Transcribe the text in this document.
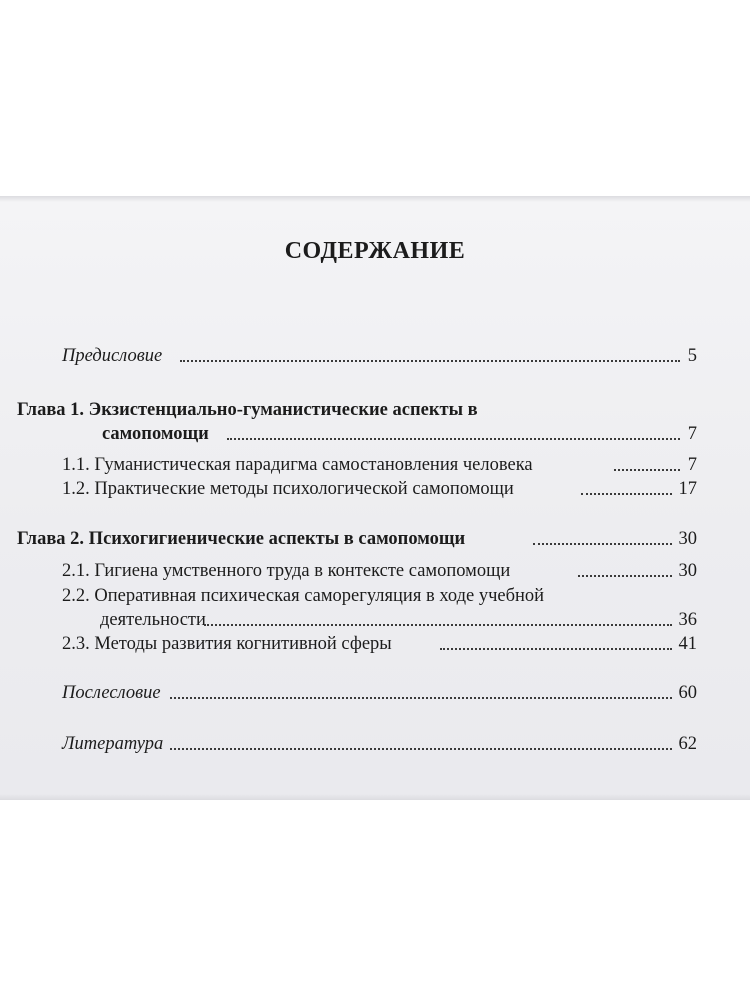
СОДЕРЖАНИЕ
Предисловие	5
Глава 1. Экзистенциально-гуманистические аспекты в
самопомощи	7
1.1. Гуманистическая парадигма самостановления человека	7
1.2. Практические методы психологической самопомощи	17
Глава 2. Психогигиенические аспекты в самопомощи	30
2.1. Гигиена умственного труда в контексте самопомощи	30
2.2. Оперативная психическая саморегуляция в ходе учебной
деятельности	36
2.3. Методы развития когнитивной сферы	41
Послесловие	60
Литература	62
